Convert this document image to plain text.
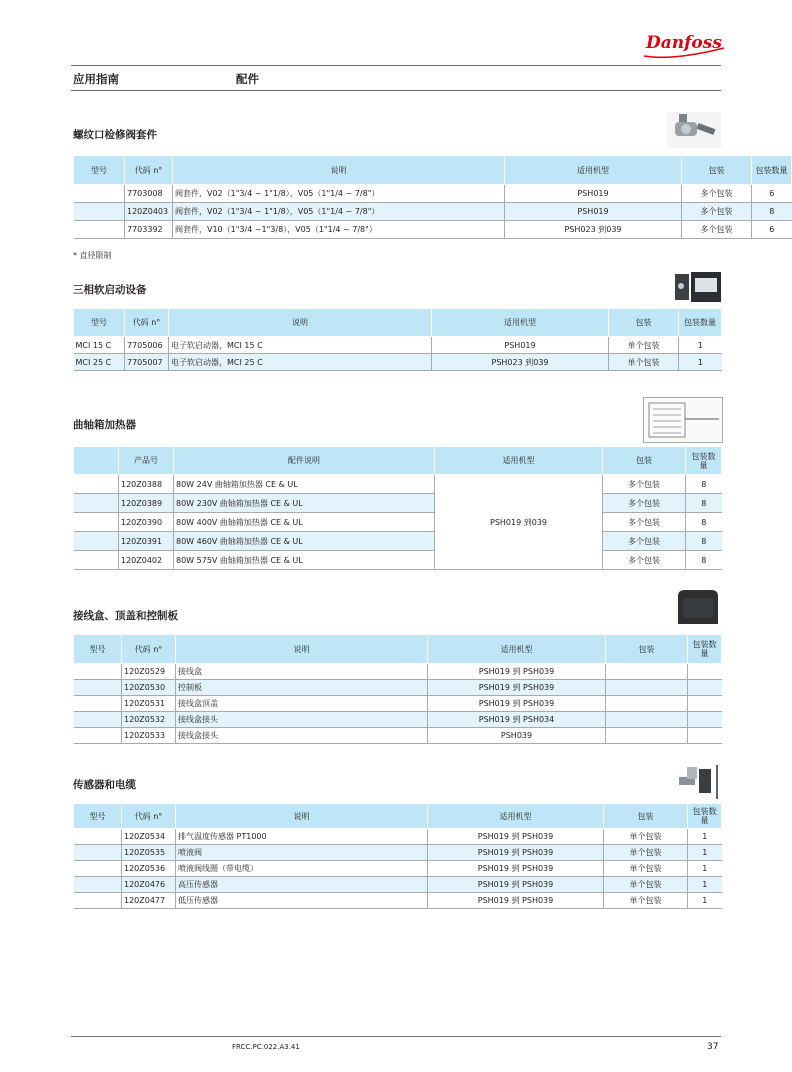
Danfoss
应用指南	配件
螺纹口检修阀套件
型号	代码 n°	说明	适用机型	包装	包装数量
	7703008	阀套件，V02（1"3/4 ~ 1"1/8），V05（1"1/4 ~ 7/8"）	PSH019	多个包装	6
	120Z0403	阀套件，V02（1"3/4 ~ 1"1/8），V05（1"1/4 ~ 7/8"）	PSH019	多个包装	8
	7703392	阀套件，V10（1"3/4 ~1"3/8），V05（1"1/4 ~ 7/8"）	PSH023 到039	多个包装	6
* 直径限制
三相软启动设备
型号	代码 n°	说明	适用机型	包装	包装数量
MCI 15 C	7705006	电子软启动器，MCI 15 C	PSH019	单个包装	1
MCI 25 C	7705007	电子软启动器，MCI 25 C	PSH023 到039	单个包装	1
曲轴箱加热器
	产品号	配件说明	适用机型	包装	包装数量
	120Z0388	80W 24V 曲轴箱加热器 CE & UL	PSH019 到039	多个包装	8
	120Z0389	80W 230V 曲轴箱加热器 CE & UL		多个包装	8
	120Z0390	80W 400V 曲轴箱加热器 CE & UL		多个包装	8
	120Z0391	80W 460V 曲轴箱加热器 CE & UL		多个包装	8
	120Z0402	80W 575V 曲轴箱加热器 CE & UL		多个包装	8
接线盒、顶盖和控制板
型号	代码 n°	说明	适用机型	包装	包装数量
	120Z0529	接线盒	PSH019 到 PSH039		
	120Z0530	控制板	PSH019 到 PSH039		
	120Z0531	接线盒顶盖	PSH019 到 PSH039		
	120Z0532	接线盒接头	PSH019 到 PSH034		
	120Z0533	接线盒接头	PSH039		
传感器和电缆
型号	代码 n°	说明	适用机型	包装	包装数量
	120Z0534	排气温度传感器 PT1000	PSH019 到 PSH039	单个包装	1
	120Z0535	喷液阀	PSH019 到 PSH039	单个包装	1
	120Z0536	喷液阀线圈（带电缆）	PSH019 到 PSH039	单个包装	1
	120Z0476	高压传感器	PSH019 到 PSH039	单个包装	1
	120Z0477	低压传感器	PSH019 到 PSH039	单个包装	1
FRCC.PC.022.A3.41	37
